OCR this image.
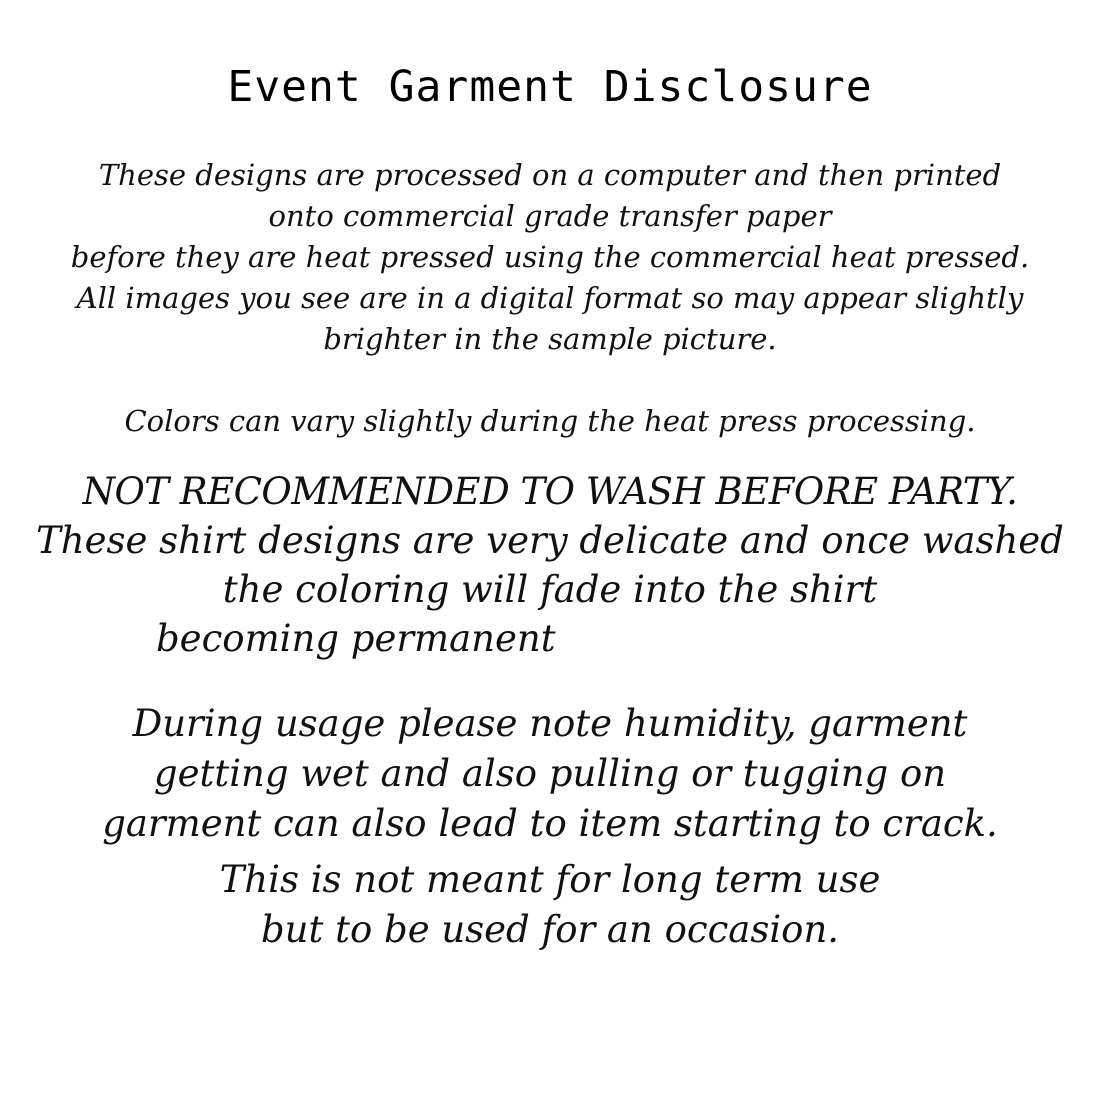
Event Garment Disclosure

These designs are processed on a computer and then printed

onto commercial grade transfer paper

before they are heat pressed using the commercial heat pressed.

All images you see are in a digital format so may appear slightly

brighter in the sample picture.

Colors can vary slightly during the heat press processing.

NOT RECOMMENDED TO WASH BEFORE PARTY.

These shirt designs are very delicate and once washed

the coloring will fade into the shirt

becoming permanent

During usage please note humidity, garment

getting wet and also pulling or tugging on

garment can also lead to item starting to crack.

This is not meant for long term use

but to be used for an occasion.
